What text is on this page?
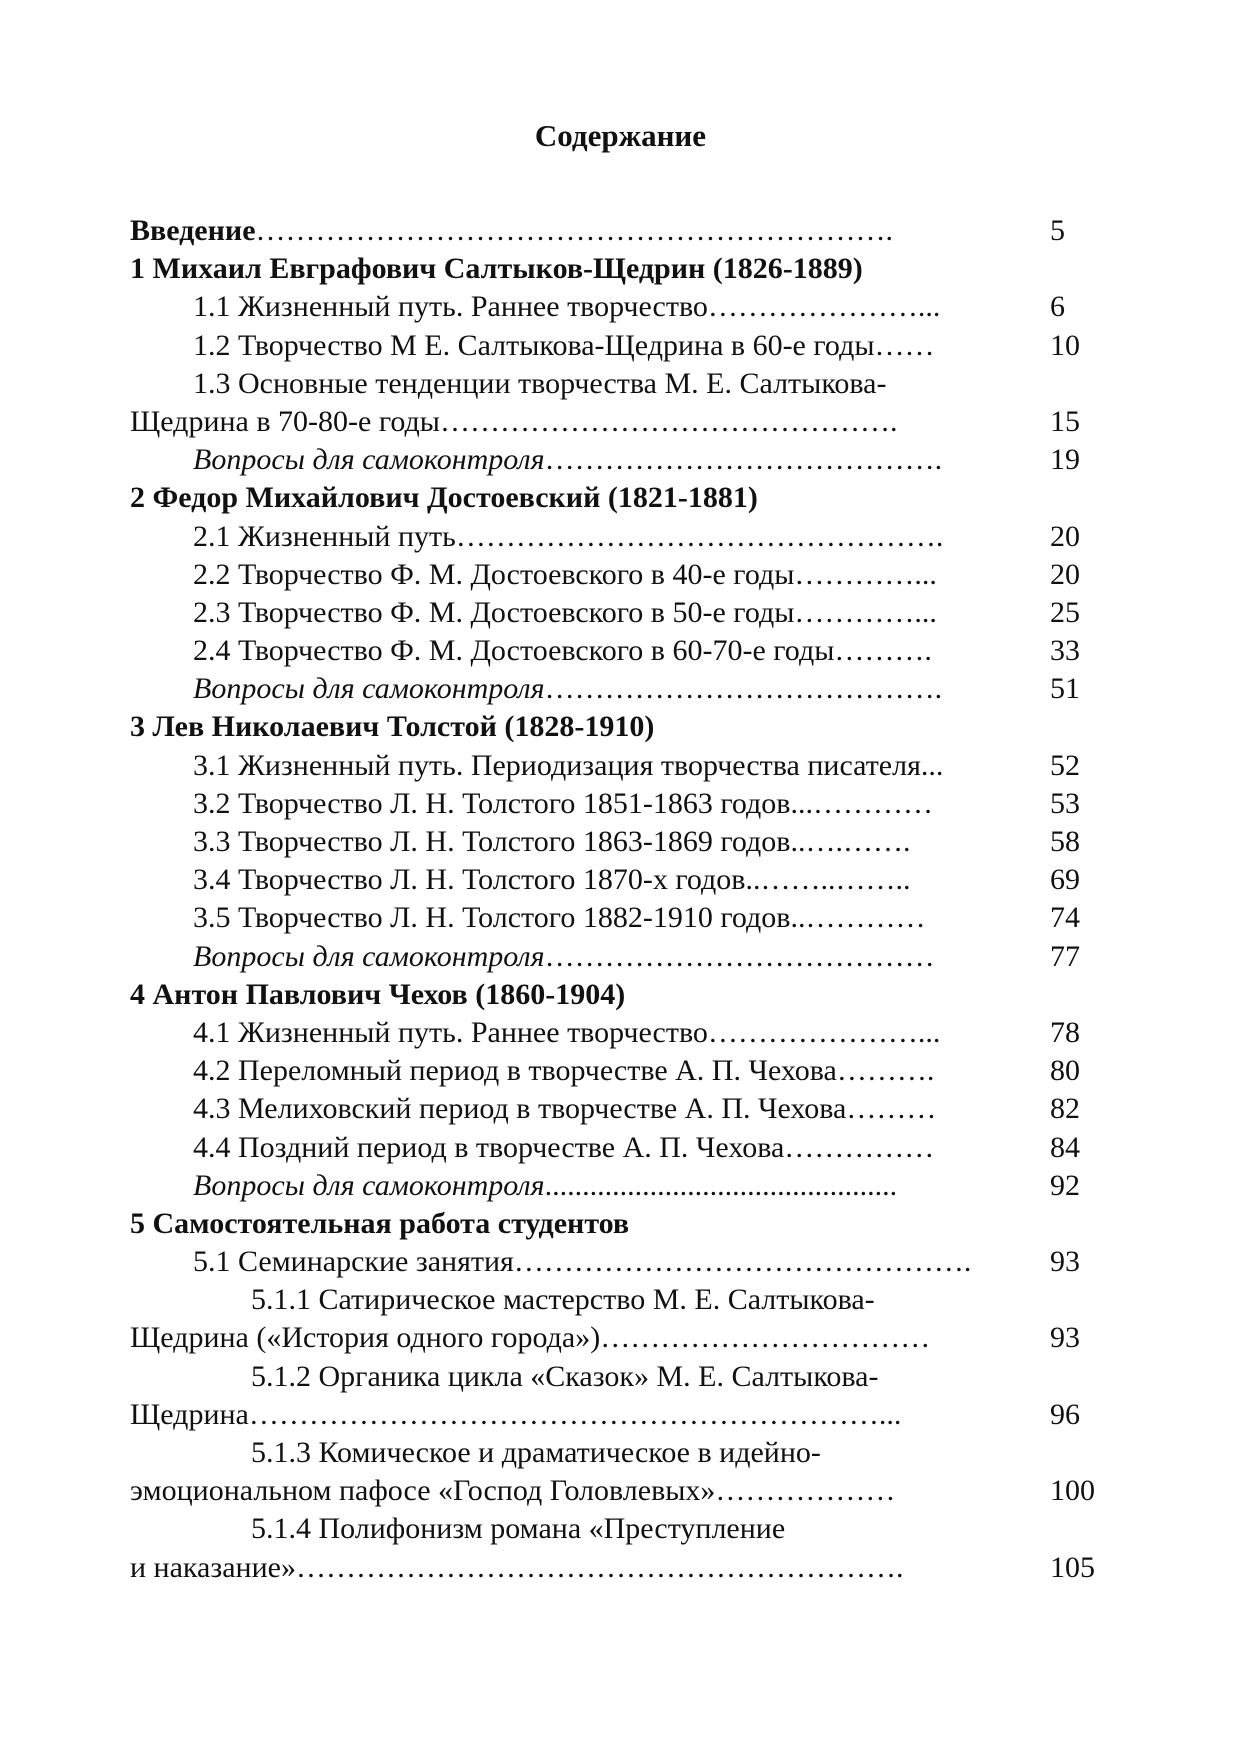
Содержание
Введение ……………………………………………………….	5
1 Михаил Евграфович Салтыков-Щедрин (1826-1889)
1.1 Жизненный путь. Раннее творчество …………………...	6
1.2 Творчество М Е. Салтыкова-Щедрина в 60-е годы ……	10
1.3 Основные тенденции творчества М. Е. Салтыкова-
Щедрина в 70-80-е годы ……………………………………….	15
Вопросы для самоконтроля ………………………………….	19
2 Федор Михайлович Достоевский (1821-1881)
2.1 Жизненный путь ………………………………………….	20
2.2 Творчество Ф. М. Достоевского в 40-е годы …………...	20
2.3 Творчество Ф. М. Достоевского в 50-е годы …………...	25
2.4 Творчество Ф. М. Достоевского в 60-70-е годы ……….	33
Вопросы для самоконтроля ………………………………….	51
3 Лев Николаевич Толстой (1828-1910)
3.1 Жизненный путь. Периодизация творчества писателя ...	52
3.2 Творчество Л. Н. Толстого 1851-1863 годов ...…………	53
3.3 Творчество Л. Н. Толстого 1863-1869 годов ..….…….	58
3.4 Творчество Л. Н. Толстого 1870-х годов ..……..……..	69
3.5 Творчество Л. Н. Толстого 1882-1910 годов ..…………	74
Вопросы для самоконтроля …………………………………	77
4 Антон Павлович Чехов (1860-1904)
4.1 Жизненный путь. Раннее творчество …………………...	78
4.2 Переломный период в творчестве А. П. Чехова ……….	80
4.3 Мелиховский период в творчестве А. П. Чехова ………	82
4.4 Поздний период в творчестве А. П. Чехова ……………	84
Вопросы для самоконтроля ...............................................	92
5 Самостоятельная работа студентов
5.1 Семинарские занятия ……………………………………….	93
5.1.1 Сатирическое мастерство М. Е. Салтыкова-
Щедрина («История одного города») ……………………………	93
5.1.2 Органика цикла «Сказок» М. Е. Салтыкова-
Щедрина ………………………………………………………...	96
5.1.3 Комическое и драматическое в идейно-
эмоциональном пафосе «Господ Головлевых» ………………	100
5.1.4 Полифонизм романа «Преступление
и наказание» …………………………………………………….	105
